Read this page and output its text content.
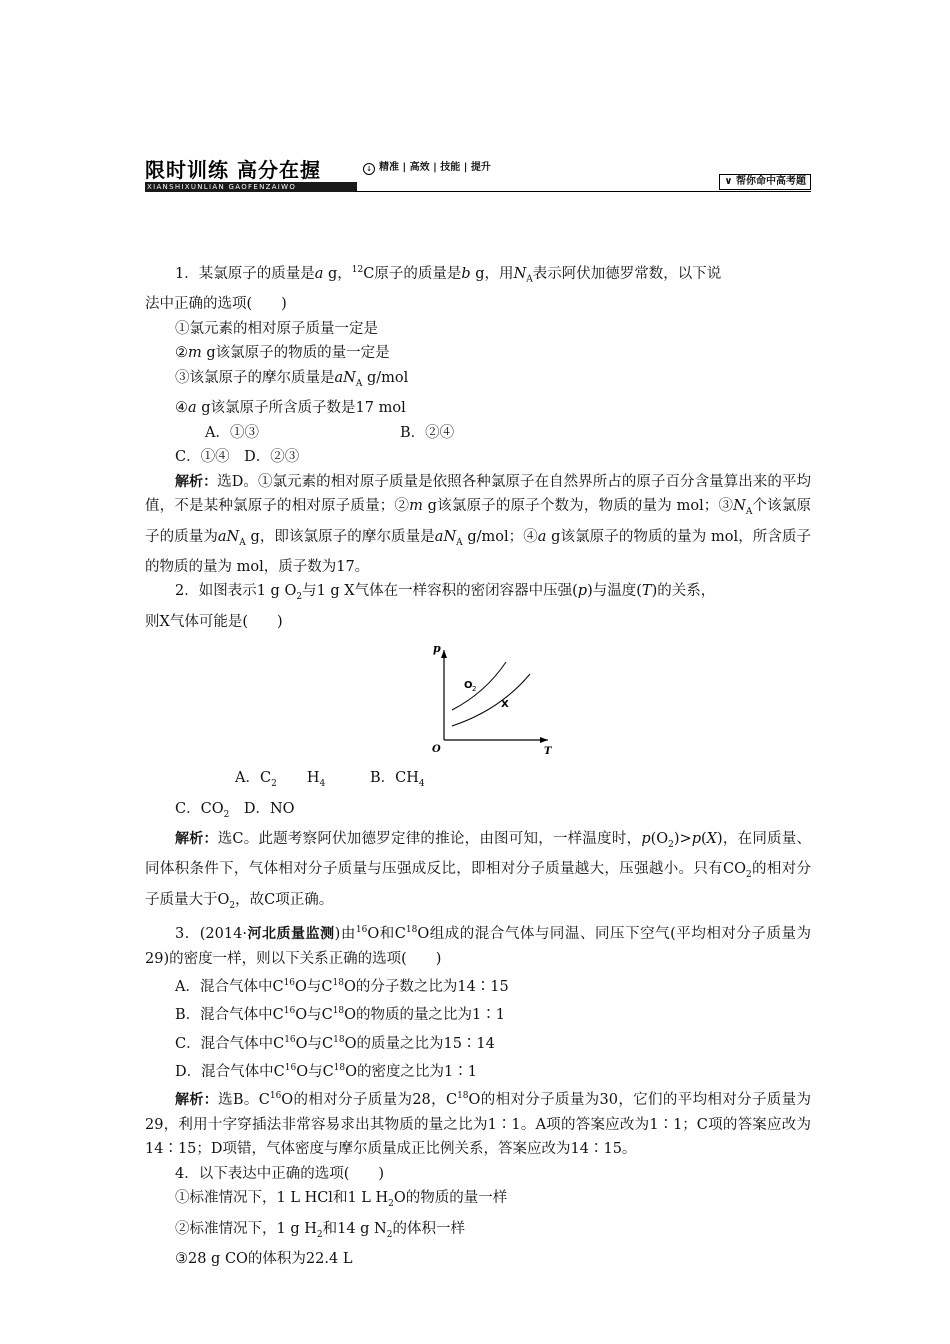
限时训练 高分在握
XIANSHIXUNLIAN GAOFENZAIWO
↓ 精准 | 高效 | 技能 | 提升
∨ 帮你命中高考题

1．某氯原子的质量是a g，$^{12}$C原子的质量是b g，用$N_A$表示阿伏加德罗常数，以下说

法中正确的选项(　　)

①氯元素的相对原子质量一定是

②m g该氯原子的物质的量一定是

③该氯原子的摩尔质量是$aN_A$ g/mol

④a g该氯原子所含质子数是17 mol

A．①③	B．②④

C．①④　D．②③

解析：选D。①氯元素的相对原子质量是依照各种氯原子在自然界所占的原子百分含量算出来的平均值，不是某种氯原子的相对原子质量；②m g该氯原子的原子个数为，物质的量为 mol；$③N_A$个该氯原子的质量为$aN_A$ g，即该氯原子的摩尔质量是$aN_A$ g/mol；④a g该氯原子的物质的量为 mol，所含质子的物质的量为 mol，质子数为17。

2．如图表示1 g $O_2$与1 g X气体在一样容积的密闭容器中压强(p)与温度(T)的关系，

则X气体可能是(　　)

p
O 2
X
O	T

A．$C_2$ $H_4$	B．$CH_4$

C．$CO_2$　 D．NO

解析：选C。此题考察阿伏加德罗定律的推论，由图可知，一样温度时，$p(O_2)>p(X)$，在同质量、同体积条件下，气体相对分子质量与压强成反比，即相对分子质量越大，压强越小。只有$CO_2$的相对分子质量大于$O_2$，故C项正确。

3．(2014·河北质量监测)由$^{16}$O和$C^{18}O$组成的混合气体与同温、同压下空气(平均相对分子质量为29)的密度一样，则以下关系正确的选项(　　)

A．混合气体中$C^{16}O$与$C^{18}O$的分子数之比为14∶15

B．混合气体中$C^{16}O$与$C^{18}O$的物质的量之比为1∶1

C．混合气体中$C^{16}O$与$C^{18}O$的质量之比为15∶14

D．混合气体中$C^{16}O$与$C^{18}O$的密度之比为1∶1

解析：选B。$C^{16}O$的相对分子质量为28，$C^{18}O$的相对分子质量为30，它们的平均相对分子质量为29，利用十字穿插法非常容易求出其物质的量之比为1∶1。A项的答案应改为1∶1；C项的答案应改为14∶15；D项错，气体密度与摩尔质量成正比例关系，答案应改为14∶15。

4．以下表达中正确的选项(　　)

①标准情况下，1 L HCl和1 L $H_2O$的物质的量一样

②标准情况下，1 g $H_2$和14 g $N_2$的体积一样

③28 g CO的体积为22.4 L
